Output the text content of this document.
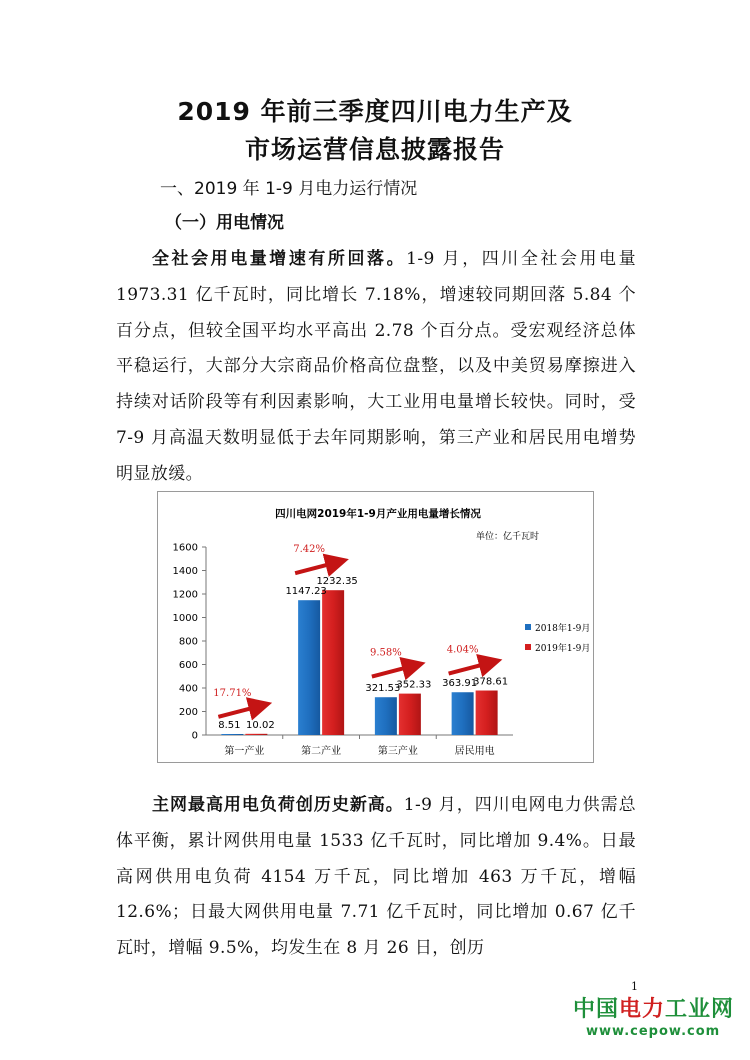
2019 年前三季度四川电力生产及
市场运营信息披露报告
一、2019 年 1-9 月电力运行情况
（一）用电情况

全社会用电量增速有所回落。1-9 月，四川全社会用电量 1973.31 亿千瓦时，同比增长 7.18%，增速较同期回落 5.84 个百分点，但较全国平均水平高出 2.78 个百分点。受宏观经济总体平稳运行，大部分大宗商品价格高位盘整，以及中美贸易摩擦进入持续对话阶段等有利因素影响，大工业用电量增长较快。同时，受 7-9 月高温天数明显低于去年同期影响，第三产业和居民用电增势明显放缓。

0
200
400
600
800
1000
1200
1400
1600
第一产业	第二产业	第三产业	居民用电
8.51 10.02
17.71%
1147.23
1232.35
7.42%
321.53
352.33
9.58%
363.91
378.61
4.04%
四川电网2019年1-9月产业用电量增长情况
单位：亿千瓦时
2018年1-9月
2019年1-9月

主网最高用电负荷创历史新高。1-9 月，四川电网电力供需总体平衡，累计网供用电量 1533 亿千瓦时，同比增加 9.4%。日最高网供用电负荷 4154 万千瓦，同比增加 463 万千瓦，增幅 12.6%；日最大网供用电量 7.71 亿千瓦时，同比增加 0.67 亿千瓦时，增幅 9.5%，均发生在 8 月 26 日，创历

1
中国电力工业网
www.cepow.com
